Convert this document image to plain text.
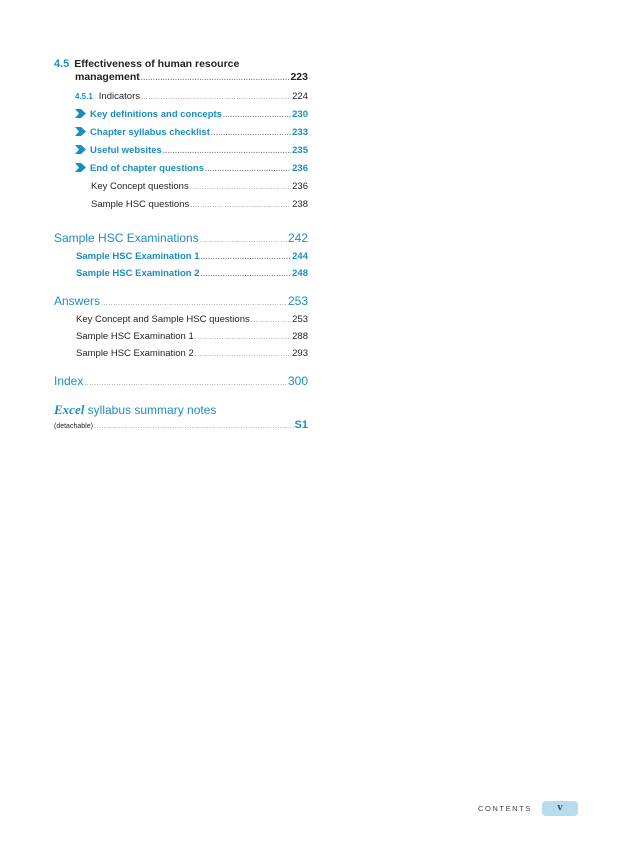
4.5 Effectiveness of human resource
management .....	223
4.5.1 Indicators .....	224
Key definitions and concepts .....	230
Chapter syllabus checklist .....	233
Useful websites .....	235
End of chapter questions .....	236
Key Concept questions .....	236
Sample HSC questions .....	238
Sample HSC Examinations .....	242
Sample HSC Examination 1 .....	244
Sample HSC Examination 2 .....	248
Answers .....	253
Key Concept and Sample HSC questions .....	253
Sample HSC Examination 1 .....	288
Sample HSC Examination 2 .....	293
Index .....	300
Excel syllabus summary notes
(detachable) .....	S1
CONTENTS	v
